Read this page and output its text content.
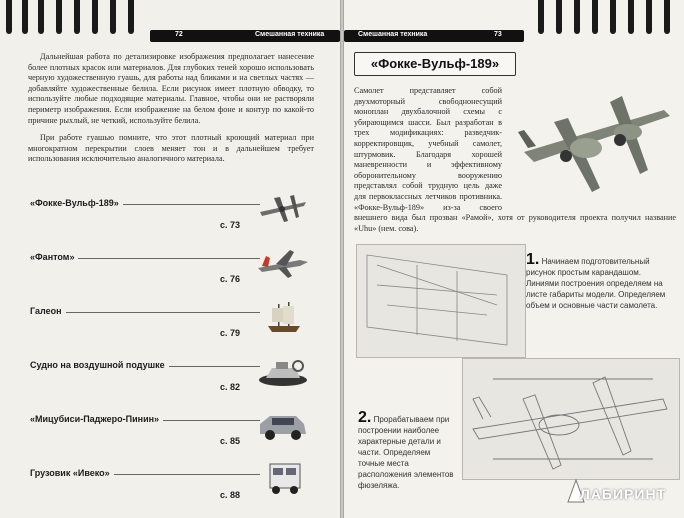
72	Смешанная техника
Дальнейшая работа по детализировке изображения предполагает нанесение более плотных красок или материалов. Для глубоких теней хорошо использовать черную художественную гуашь, для работы над бликами и на светлых частях — добавляйте художественные белила. Если рисунок имеет плотную обводку, то используйте любые подходящие материалы. Главное, чтобы они не растворяли периметр изображения. Если изображение на белом фоне и контур по какой-то причине рыхлый, не четкий, используйте белила.
При работе гуашью помните, что этот плотный кроющий материал при многократном перекрытии слоев меняет тон и в дальнейшем требует использования исключительно аналогичного материала.
«Фокке-Вульф-189»
с. 73
«Фантом»
с. 76
Галеон
с. 79
Судно на воздушной подушке
с. 82
«Мицубиси-Паджеро-Пинин»
с. 85
Грузовик «Ивеко»
с. 88
Смешанная техника	73
«Фокке-Вульф-189»
Самолет представляет собой двухмоторный свободнонесущий моноплан двухбалочной схемы с убирающимся шасси. Был разработан в трех модификациях: разведчик-корректировщик, учебный самолет, штурмовик. Благодаря хорошей маневренности и эффективному оборонительному вооружению представлял собой трудную цель даже для первоклассных летчиков противника. «Фокке-Вульф-189» из-за своего внешнего вида был прозван «Рамой», хотя от руководителя проекта получил название «Uhu» (нем. сова).
1. Начинаем подготовительный рисунок простым карандашом. Линиями построения определяем на листе габариты модели. Определяем объем и основные части самолета.
2. Прорабатываем при построении наиболее характерные детали и части. Определяем точные места расположения элементов фюзеляжа.
ЛАБИРИНТ
